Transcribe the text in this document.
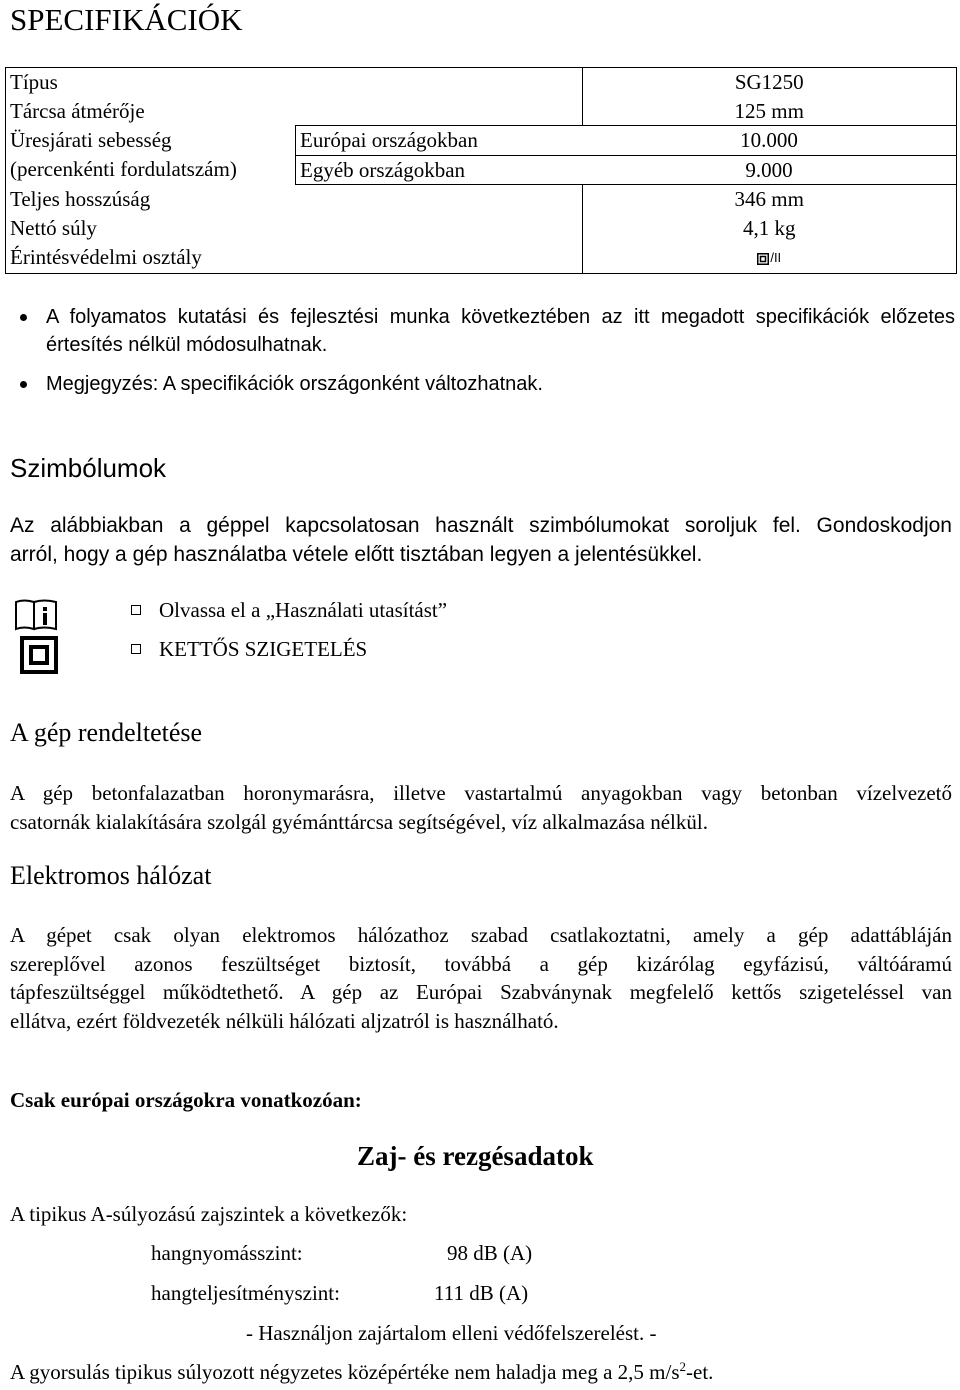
SPECIFIKÁCIÓK
Típus		SG1250
Tárcsa átmérője		125 mm
Üresjárati sebesség	Európai országokban	10.000
(percenkénti fordulatszám)	Egyéb országokban	9.000
Teljes hosszúság		346 mm
Nettó súly		4,1 kg
Érintésvédelmi osztály		/II
A folyamatos kutatási és fejlesztési munka következtében az itt megadott specifikációk előzetes értesítés nélkül módosulhatnak.
Megjegyzés: A specifikációk országonként változhatnak.
Szimbólumok
Az alábbiakban a géppel kapcsolatosan használt szimbólumokat soroljuk fel. Gondoskodjon
arról, hogy a gép használatba vétele előtt tisztában legyen a jelentésükkel.
Olvassa el a „Használati utasítást”
KETTŐS SZIGETELÉS
A gép rendeltetése
A gép betonfalazatban horonymarásra, illetve vastartalmú anyagokban vagy betonban vízelvezető
csatornák kialakítására szolgál gyémánttárcsa segítségével, víz alkalmazása nélkül.
Elektromos hálózat
A gépet csak olyan elektromos hálózathoz szabad csatlakoztatni, amely a gép adattábláján
szereplővel azonos feszültséget biztosít, továbbá a gép kizárólag egyfázisú, váltóáramú
tápfeszültséggel működtethető. A gép az Európai Szabványnak megfelelő kettős szigeteléssel van
ellátva, ezért földvezeték nélküli hálózati aljzatról is használható.
Csak európai országokra vonatkozóan:
Zaj- és rezgésadatok
A tipikus A-súlyozású zajszintek a következők:
hangnyomásszint:	98 dB (A)
hangteljesítményszint:	111 dB (A)
- Használjon zajártalom elleni védőfelszerelést. -
A gyorsulás tipikus súlyozott négyzetes középértéke nem haladja meg a 2,5 $m/s^2-et$.
